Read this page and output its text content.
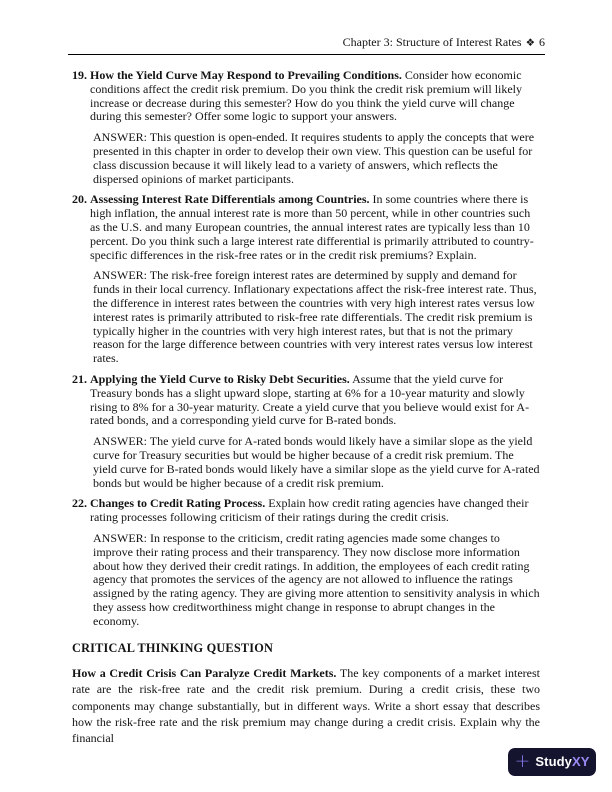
Chapter 3: Structure of Interest Rates ❖ 6
19. How the Yield Curve May Respond to Prevailing Conditions. Consider how economic conditions affect the credit risk premium. Do you think the credit risk premium will likely increase or decrease during this semester? How do you think the yield curve will change during this semester? Offer some logic to support your answers.

ANSWER: This question is open-ended. It requires students to apply the concepts that were presented in this chapter in order to develop their own view. This question can be useful for class discussion because it will likely lead to a variety of answers, which reflects the dispersed opinions of market participants.

20. Assessing Interest Rate Differentials among Countries. In some countries where there is high inflation, the annual interest rate is more than 50 percent, while in other countries such as the U.S. and many European countries, the annual interest rates are typically less than 10 percent. Do you think such a large interest rate differential is primarily attributed to country-specific differences in the risk-free rates or in the credit risk premiums? Explain.

ANSWER: The risk-free foreign interest rates are determined by supply and demand for funds in their local currency. Inflationary expectations affect the risk-free interest rate. Thus, the difference in interest rates between the countries with very high interest rates versus low interest rates is primarily attributed to risk-free rate differentials. The credit risk premium is typically higher in the countries with very high interest rates, but that is not the primary reason for the large difference between countries with very interest rates versus low interest rates.

21. Applying the Yield Curve to Risky Debt Securities. Assume that the yield curve for Treasury bonds has a slight upward slope, starting at 6% for a 10-year maturity and slowly rising to 8% for a 30-year maturity. Create a yield curve that you believe would exist for A-rated bonds, and a corresponding yield curve for B-rated bonds.

ANSWER: The yield curve for A-rated bonds would likely have a similar slope as the yield curve for Treasury securities but would be higher because of a credit risk premium. The yield curve for B-rated bonds would likely have a similar slope as the yield curve for A-rated bonds but would be higher because of a credit risk premium.

22. Changes to Credit Rating Process. Explain how credit rating agencies have changed their rating processes following criticism of their ratings during the credit crisis.

ANSWER: In response to the criticism, credit rating agencies made some changes to improve their rating process and their transparency. They now disclose more information about how they derived their credit ratings. In addition, the employees of each credit rating agency that promotes the services of the agency are not allowed to influence the ratings assigned by the rating agency. They are giving more attention to sensitivity analysis in which they assess how creditworthiness might change in response to abrupt changes in the economy.

CRITICAL THINKING QUESTION

How a Credit Crisis Can Paralyze Credit Markets. The key components of a market interest rate are the risk-free rate and the credit risk premium. During a credit crisis, these two components may change substantially, but in different ways. Write a short essay that describes how the risk-free rate and the risk premium may change during a credit crisis. Explain why the financial

+ StudyXY
